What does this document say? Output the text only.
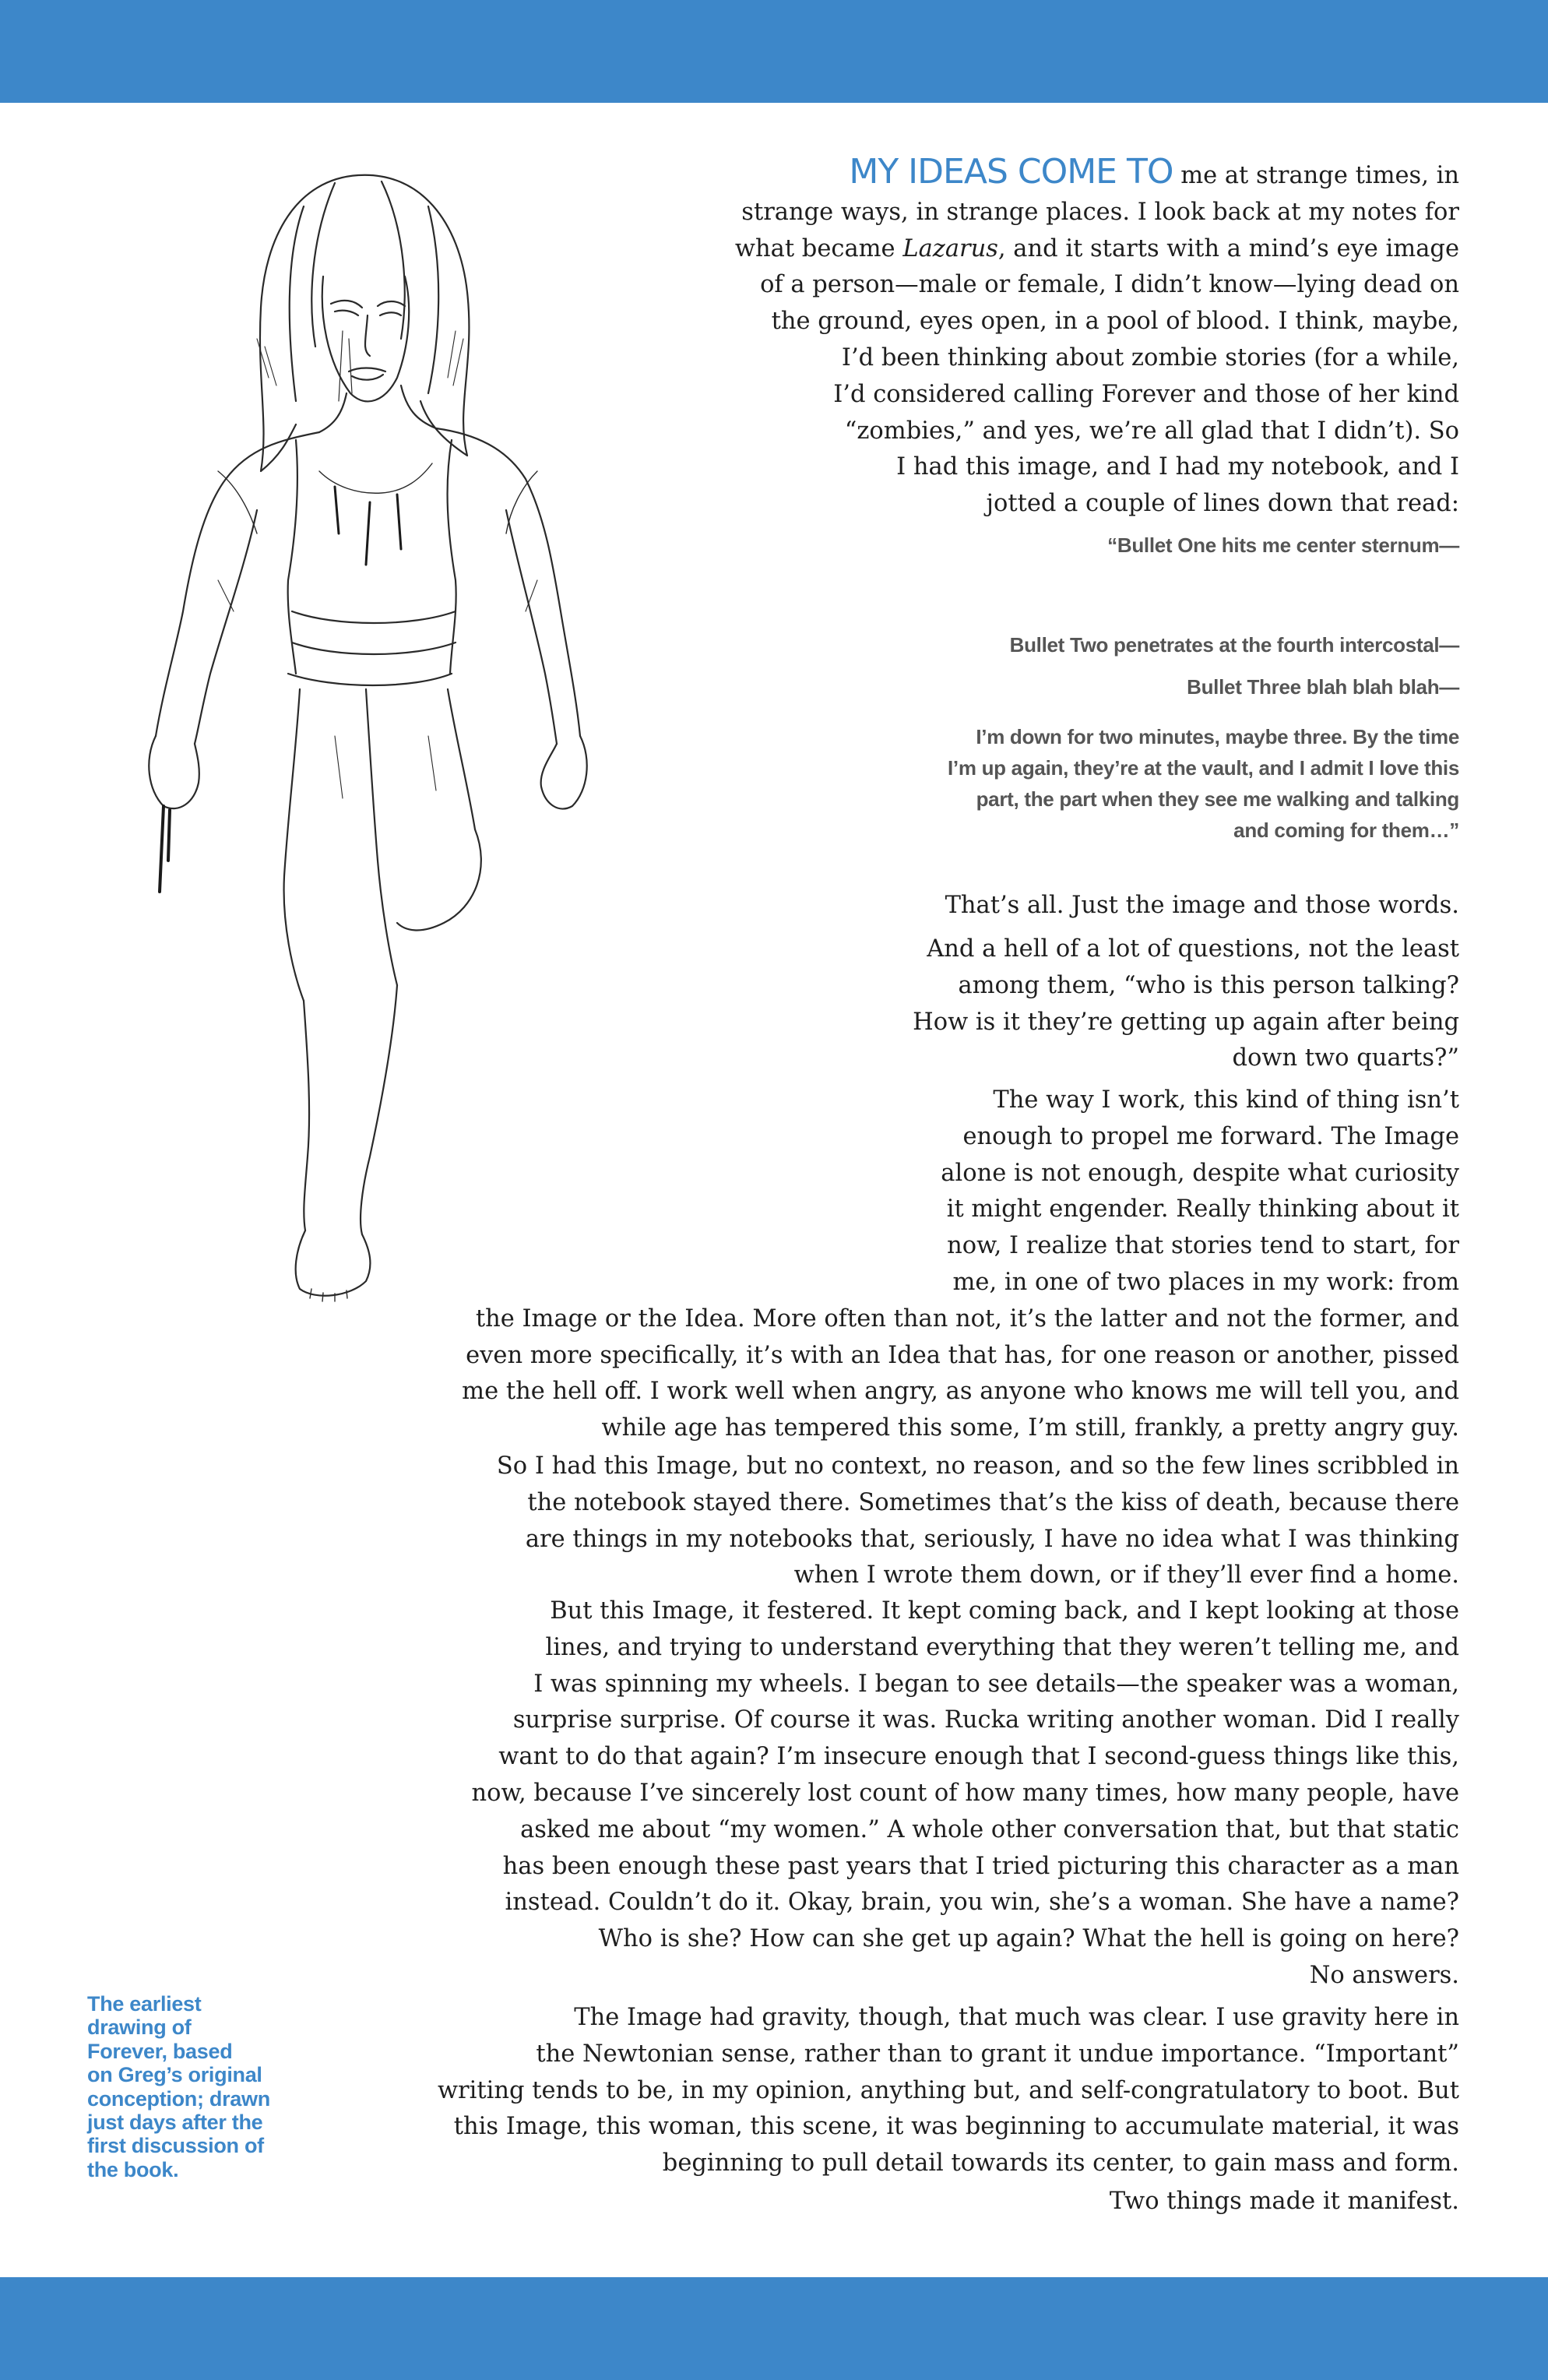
MY IDEAS COME TO me at strange times, in
strange ways, in strange places. I look back at my notes for
what became Lazarus, and it starts with a mind’s eye image
of a person—male or female, I didn’t know—lying dead on
the ground, eyes open, in a pool of blood. I think, maybe,
I’d been thinking about zombie stories (for a while,
I’d considered calling Forever and those of her kind
“zombies,” and yes, we’re all glad that I didn’t). So
I had this image, and I had my notebook, and I
jotted a couple of lines down that read:
“Bullet One hits me center sternum—
Bullet Two penetrates at the fourth intercostal—
Bullet Three blah blah blah—
I’m down for two minutes, maybe three. By the time
I’m up again, they’re at the vault, and I admit I love this
part, the part when they see me walking and talking
and coming for them…”
That’s all. Just the image and those words.
And a hell of a lot of questions, not the least
among them, “who is this person talking?
How is it they’re getting up again after being
down two quarts?”
The way I work, this kind of thing isn’t
enough to propel me forward. The Image
alone is not enough, despite what curiosity
it might engender. Really thinking about it
now, I realize that stories tend to start, for
me, in one of two places in my work: from
the Image or the Idea. More often than not, it’s the latter and not the former, and
even more specifically, it’s with an Idea that has, for one reason or another, pissed
me the hell off. I work well when angry, as anyone who knows me will tell you, and
while age has tempered this some, I’m still, frankly, a pretty angry guy.
So I had this Image, but no context, no reason, and so the few lines scribbled in
the notebook stayed there. Sometimes that’s the kiss of death, because there
are things in my notebooks that, seriously, I have no idea what I was thinking
when I wrote them down, or if they’ll ever find a home.
But this Image, it festered. It kept coming back, and I kept looking at those
lines, and trying to understand everything that they weren’t telling me, and
I was spinning my wheels. I began to see details—the speaker was a woman,
surprise surprise. Of course it was. Rucka writing another woman. Did I really
want to do that again? I’m insecure enough that I second-guess things like this,
now, because I’ve sincerely lost count of how many times, how many people, have
asked me about “my women.” A whole other conversation that, but that static
has been enough these past years that I tried picturing this character as a man
instead. Couldn’t do it. Okay, brain, you win, she’s a woman. She have a name?
Who is she? How can she get up again? What the hell is going on here?
No answers.
The Image had gravity, though, that much was clear. I use gravity here in
the Newtonian sense, rather than to grant it undue importance. “Important”
writing tends to be, in my opinion, anything but, and self-congratulatory to boot. But
this Image, this woman, this scene, it was beginning to accumulate material, it was
beginning to pull detail towards its center, to gain mass and form.
Two things made it manifest.
The earliest
drawing of
Forever, based
on Greg’s original
conception; drawn
just days after the
first discussion of
the book.
